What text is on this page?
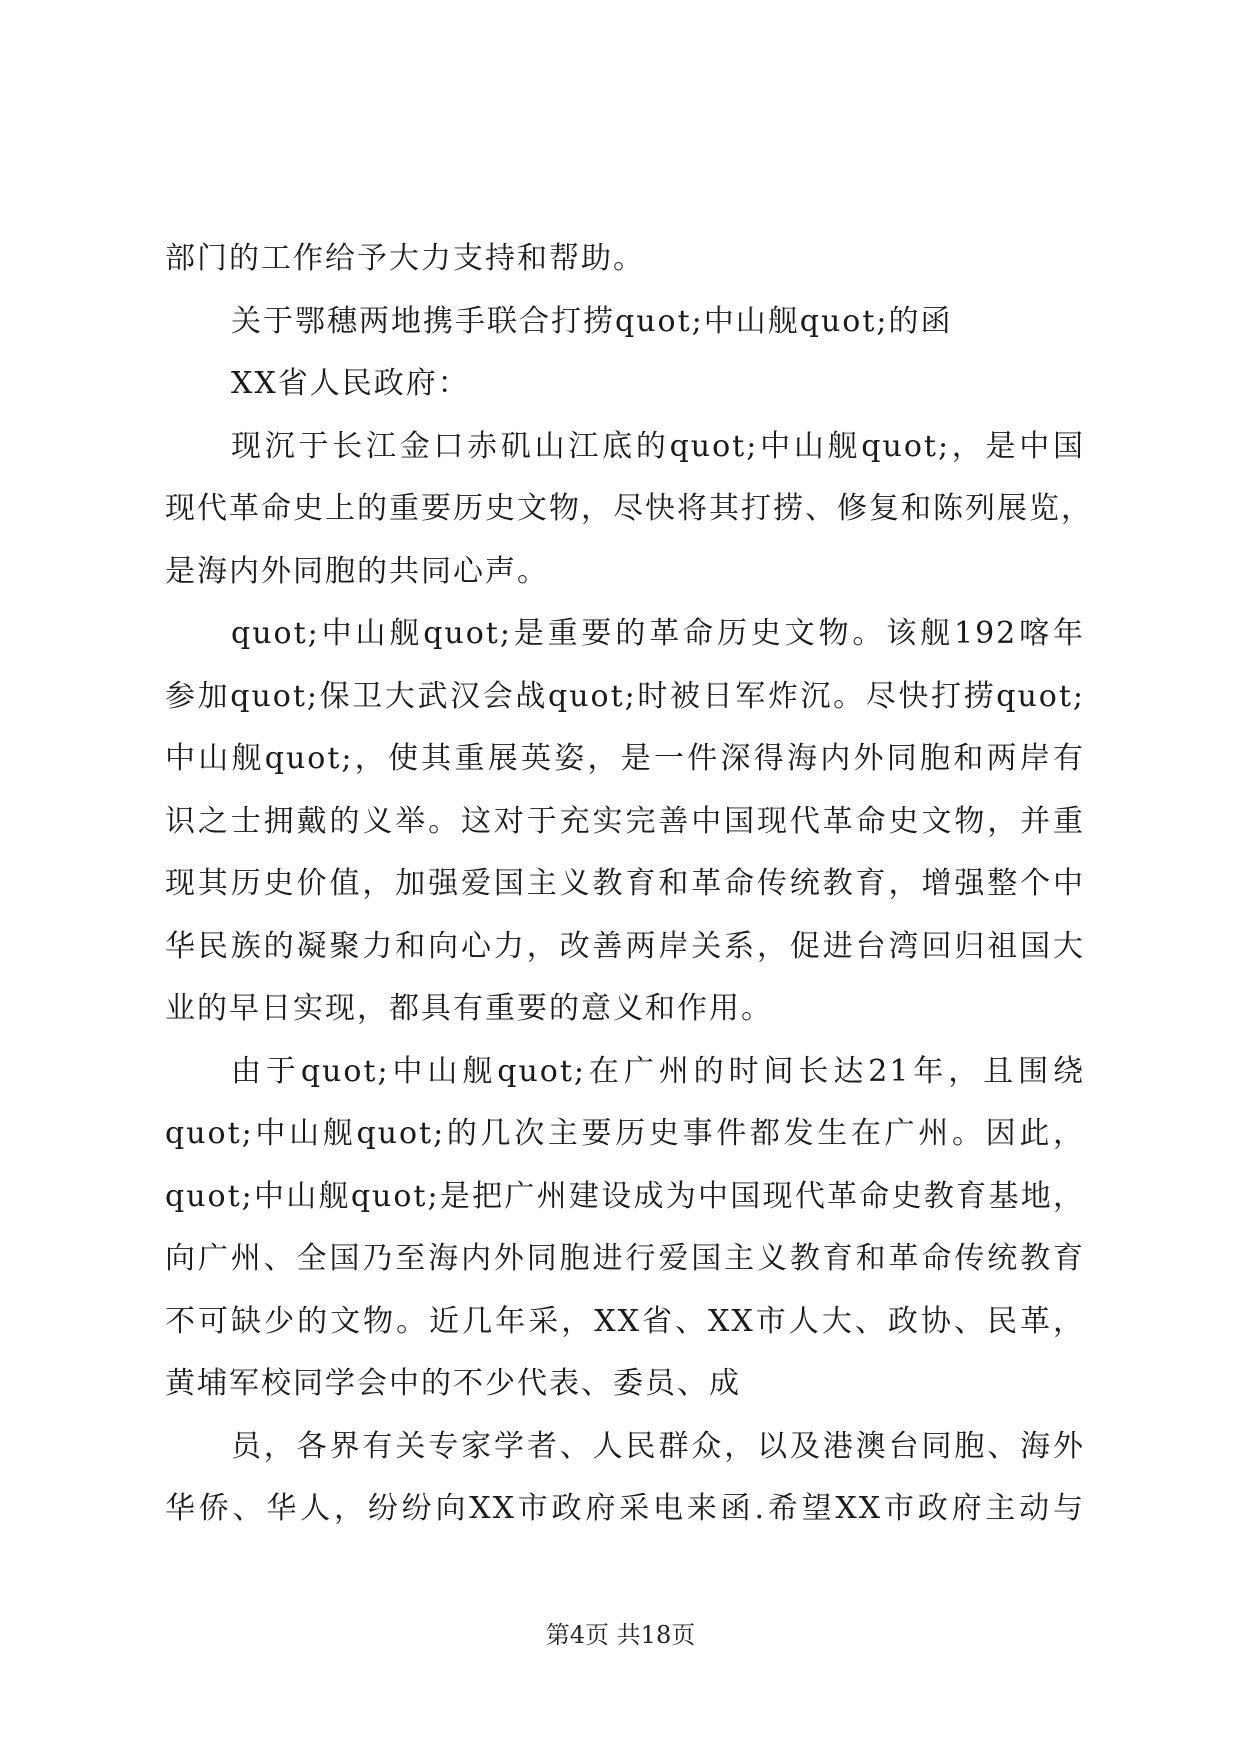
部门的工作给予大力支持和帮助。
关于鄂穗两地携手联合打捞quot;中山舰quot;的函
XX省人民政府：
现沉于长江金口赤矶山江底的quot;中山舰quot;，是中国
现代革命史上的重要历史文物，尽快将其打捞、修复和陈列展览，
是海内外同胞的共同心声。
quot;中山舰quot;是重要的革命历史文物。该舰192喀年
参加quot;保卫大武汉会战quot;时被日军炸沉。尽快打捞quot;
中山舰quot;，使其重展英姿，是一件深得海内外同胞和两岸有
识之士拥戴的义举。这对于充实完善中国现代革命史文物，并重
现其历史价值，加强爱国主义教育和革命传统教育，增强整个中
华民族的凝聚力和向心力，改善两岸关系，促进台湾回归祖国大
业的早日实现，都具有重要的意义和作用。
由于quot;中山舰quot;在广州的时间长达21年，且围绕
quot;中山舰quot;的几次主要历史事件都发生在广州。因此，
quot;中山舰quot;是把广州建设成为中国现代革命史教育基地，
向广州、全国乃至海内外同胞进行爱国主义教育和革命传统教育
不可缺少的文物。近几年采，XX省、XX市人大、政协、民革，
黄埔军校同学会中的不少代表、委员、成
员，各界有关专家学者、人民群众，以及港澳台同胞、海外
华侨、华人，纷纷向XX市政府采电来函.希望XX市政府主动与
第4页 共18页
